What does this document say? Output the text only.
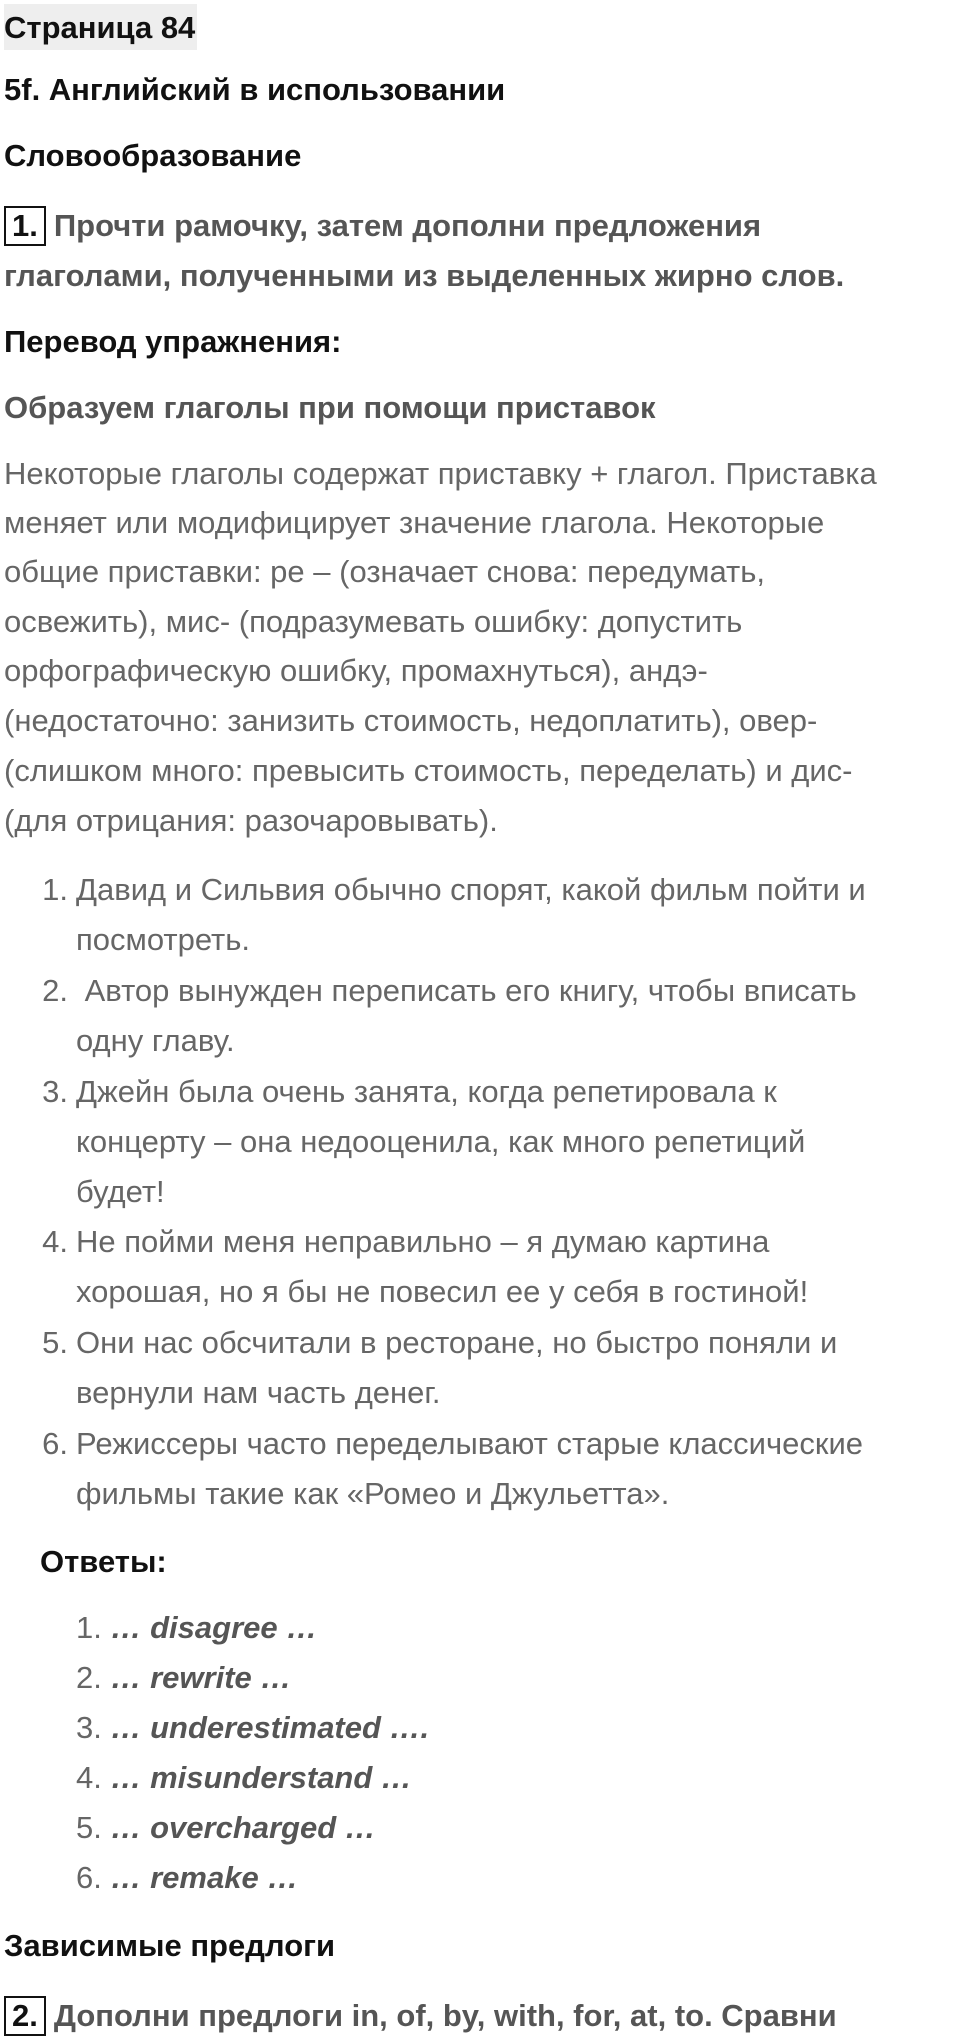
Страница 84
5f. Английский в использовании
Словообразование
1. Прочти рамочку, затем дополни предложения
глаголами, полученными из выделенных жирно слов.
Перевод упражнения:
Образуем глаголы при помощи приставок
Некоторые глаголы содержат приставку + глагол. Приставка
меняет или модифицирует значение глагола. Некоторые
общие приставки: ре – (означает снова: передумать,
освежить), мис- (подразумевать ошибку: допустить
орфографическую ошибку, промахнуться), андэ-
(недостаточно: занизить стоимость, недоплатить), овер-
(слишком много: превысить стоимость, переделать) и дис-
(для отрицания: разочаровывать).
1. Давид и Сильвия обычно спорят, какой фильм пойти и
посмотреть.
2. Автор вынужден переписать его книгу, чтобы вписать
одну главу.
3. Джейн была очень занята, когда репетировала к
концерту – она недооценила, как много репетиций
будет!
4. Не пойми меня неправильно – я думаю картина
хорошая, но я бы не повесил ее у себя в гостиной!
5. Они нас обсчитали в ресторане, но быстро поняли и
вернули нам часть денег.
6. Режиссеры часто переделывают старые классические
фильмы такие как «Ромео и Джульетта».
Ответы:
1. … disagree …
2. … rewrite …
3. … underestimated ….
4. … misunderstand …
5. … overcharged …
6. … remake …
Зависимые предлоги
2. Дополни предлоги in, of, by, with, for, at, to. Сравни
